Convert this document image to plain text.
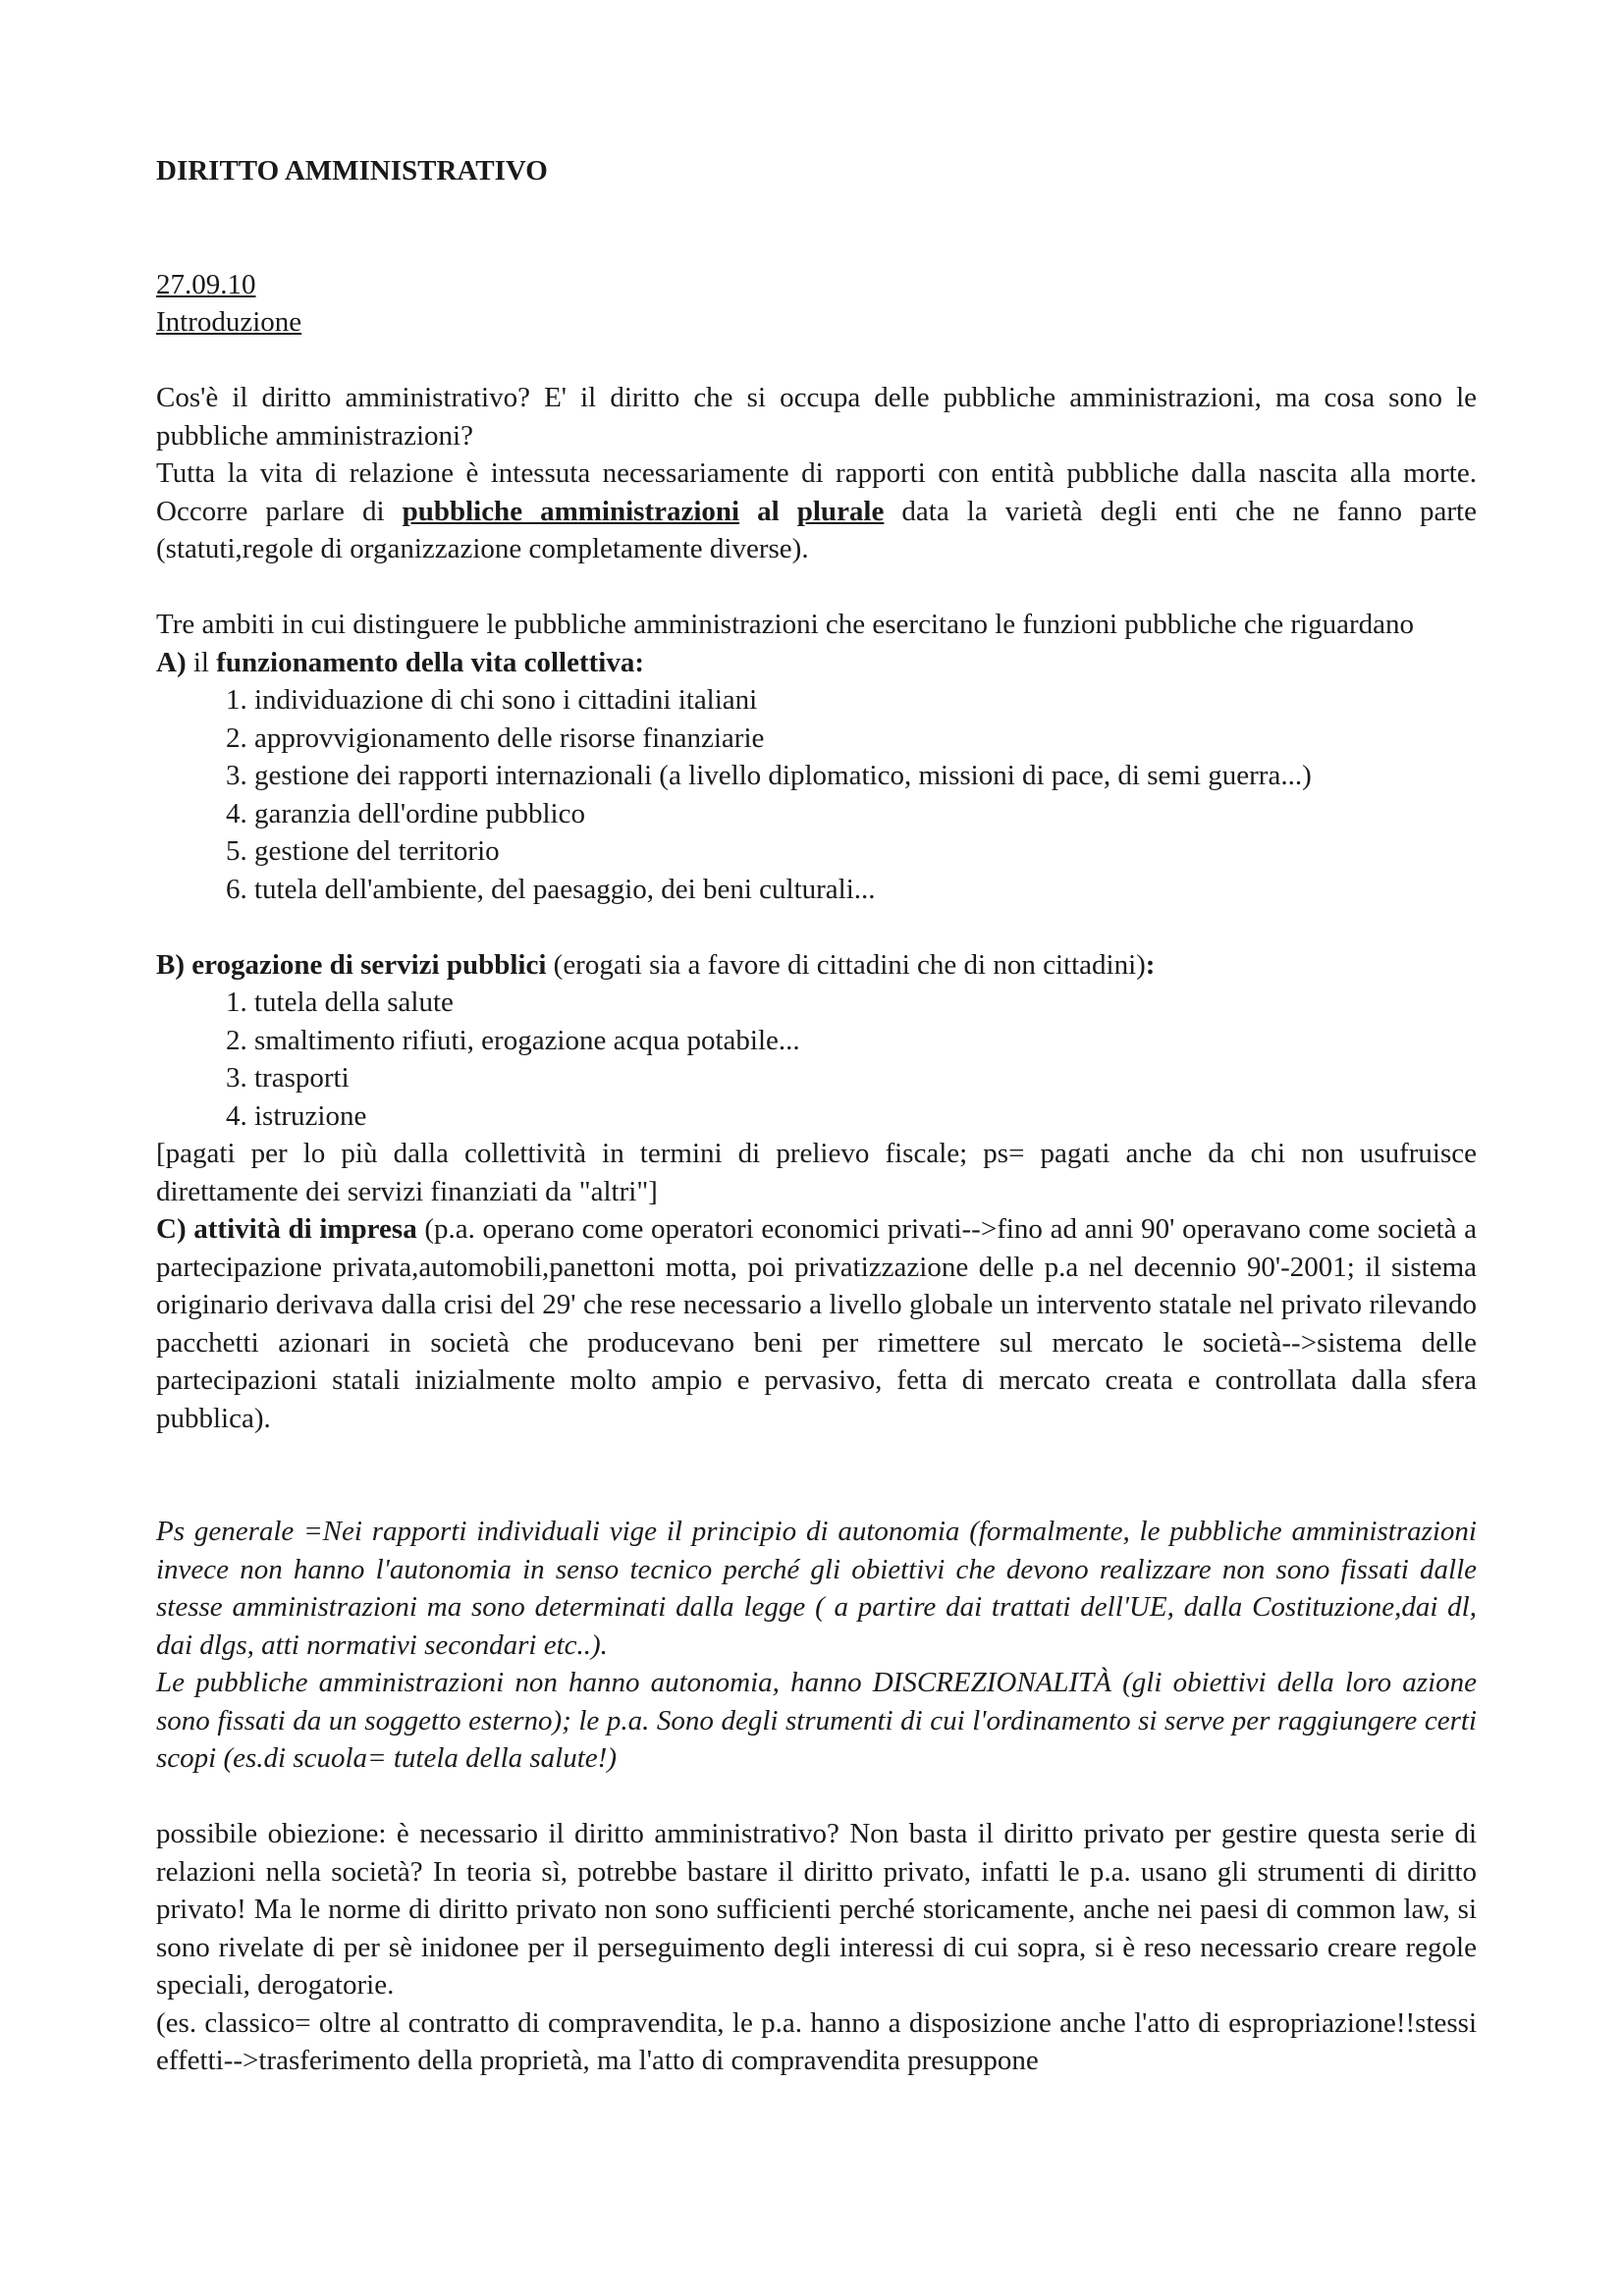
DIRITTO AMMINISTRATIVO

27.09.10

Introduzione

Cos'è il diritto amministrativo? E' il diritto che si occupa delle pubbliche amministrazioni, ma cosa sono le pubbliche amministrazioni?

Tutta la vita di relazione è intessuta necessariamente di rapporti con entità pubbliche dalla nascita alla morte. Occorre parlare di pubbliche amministrazioni al plurale data la varietà degli enti che ne fanno parte (statuti,regole di organizzazione completamente diverse).

Tre ambiti in cui distinguere le pubbliche amministrazioni che esercitano le funzioni pubbliche che riguardano

A) il funzionamento della vita collettiva:

1. individuazione di chi sono i cittadini italiani
2. approvvigionamento delle risorse finanziarie
3. gestione dei rapporti internazionali (a livello diplomatico, missioni di pace, di semi guerra...)
4. garanzia dell'ordine pubblico
5. gestione del territorio
6. tutela dell'ambiente, del paesaggio, dei beni culturali...

B) erogazione di servizi pubblici (erogati sia a favore di cittadini che di non cittadini):

1. tutela della salute
2. smaltimento rifiuti, erogazione acqua potabile...
3. trasporti
4. istruzione

[pagati per lo più dalla collettività in termini di prelievo fiscale; ps= pagati anche da chi non usufruisce direttamente dei servizi finanziati da "altri"]

C) attività di impresa (p.a. operano come operatori economici privati-->fino ad anni 90' operavano come società a partecipazione privata,automobili,panettoni motta, poi privatizzazione delle p.a nel decennio 90'-2001; il sistema originario derivava dalla crisi del 29' che rese necessario a livello globale un intervento statale nel privato rilevando pacchetti azionari in società che producevano beni per rimettere sul mercato le società-->sistema delle partecipazioni statali inizialmente molto ampio e pervasivo, fetta di mercato creata e controllata dalla sfera pubblica).

Ps generale =Nei rapporti individuali vige il principio di autonomia (formalmente, le pubbliche amministrazioni invece non hanno l'autonomia in senso tecnico perché gli obiettivi che devono realizzare non sono fissati dalle stesse amministrazioni ma sono determinati dalla legge ( a partire dai trattati dell'UE, dalla Costituzione,dai dl, dai dlgs, atti normativi secondari etc..).

Le pubbliche amministrazioni non hanno autonomia, hanno DISCREZIONALITÀ (gli obiettivi della loro azione sono fissati da un soggetto esterno); le p.a. Sono degli strumenti di cui l'ordinamento si serve per raggiungere certi scopi (es.di scuola= tutela della salute!)

possibile obiezione: è necessario il diritto amministrativo? Non basta il diritto privato per gestire questa serie di relazioni nella società? In teoria sì, potrebbe bastare il diritto privato, infatti le p.a. usano gli strumenti di diritto privato! Ma le norme di diritto privato non sono sufficienti perché storicamente, anche nei paesi di common law, si sono rivelate di per sè inidonee per il perseguimento degli interessi di cui sopra, si è reso necessario creare regole speciali, derogatorie.

(es. classico= oltre al contratto di compravendita, le p.a. hanno a disposizione anche l'atto di espropriazione!!stessi effetti-->trasferimento della proprietà, ma l'atto di compravendita presuppone
